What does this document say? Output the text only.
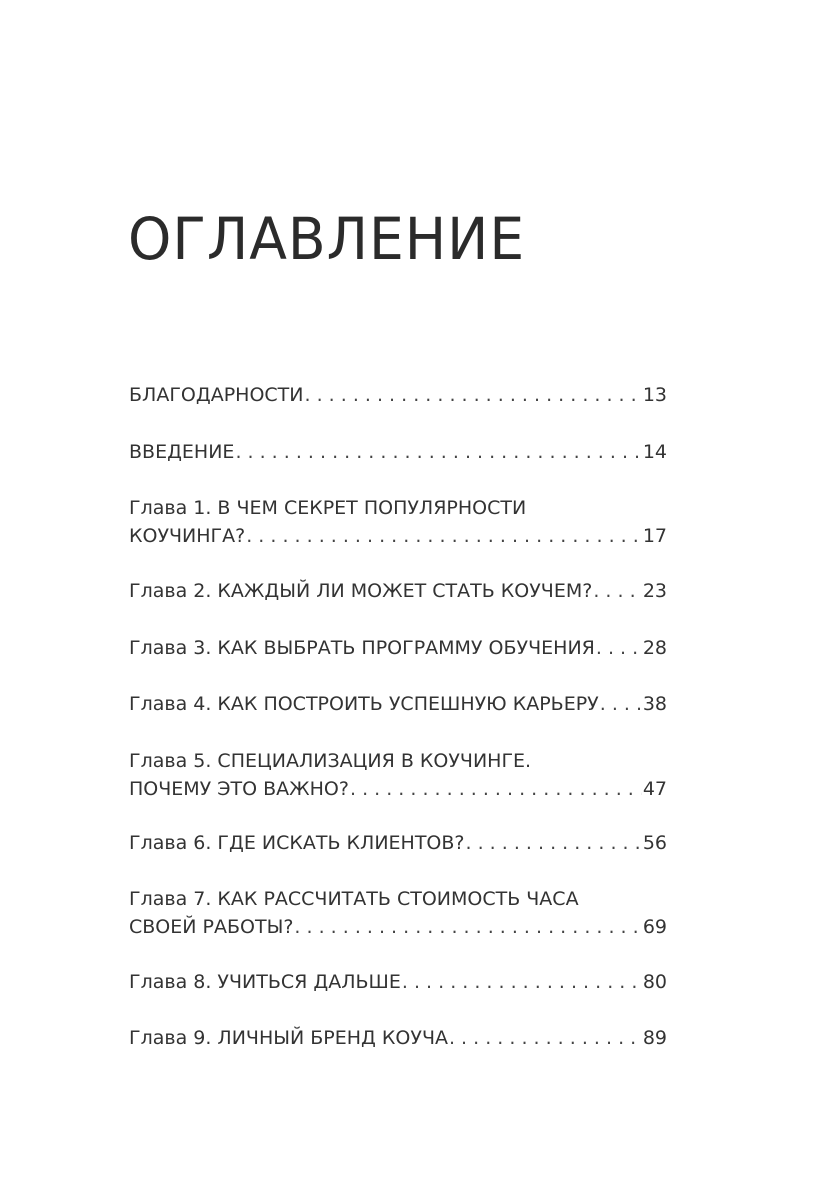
ОГЛАВЛЕНИЕ
БЛАГОДАРНОСТИ . . .	13
ВВЕДЕНИЕ . . .	14
Глава 1. В ЧЕМ СЕКРЕТ ПОПУЛЯРНОСТИ
КОУЧИНГА? . . .	17
Глава 2. КАЖДЫЙ ЛИ МОЖЕТ СТАТЬ КОУЧЕМ? . . .	23
Глава 3. КАК ВЫБРАТЬ ПРОГРАММУ ОБУЧЕНИЯ . . .	28
Глава 4. КАК ПОСТРОИТЬ УСПЕШНУЮ КАРЬЕРУ . . . 38
Глава 5. СПЕЦИАЛИЗАЦИЯ В КОУЧИНГЕ.
ПОЧЕМУ ЭТО ВАЖНО? . . .	47
Глава 6. ГДЕ ИСКАТЬ КЛИЕНТОВ? . . .	56
Глава 7. КАК РАССЧИТАТЬ СТОИМОСТЬ ЧАСА
СВОЕЙ РАБОТЫ? . . .	69
Глава 8. УЧИТЬСЯ ДАЛЬШЕ . . .	80
Глава 9. ЛИЧНЫЙ БРЕНД КОУЧА . . .	89
